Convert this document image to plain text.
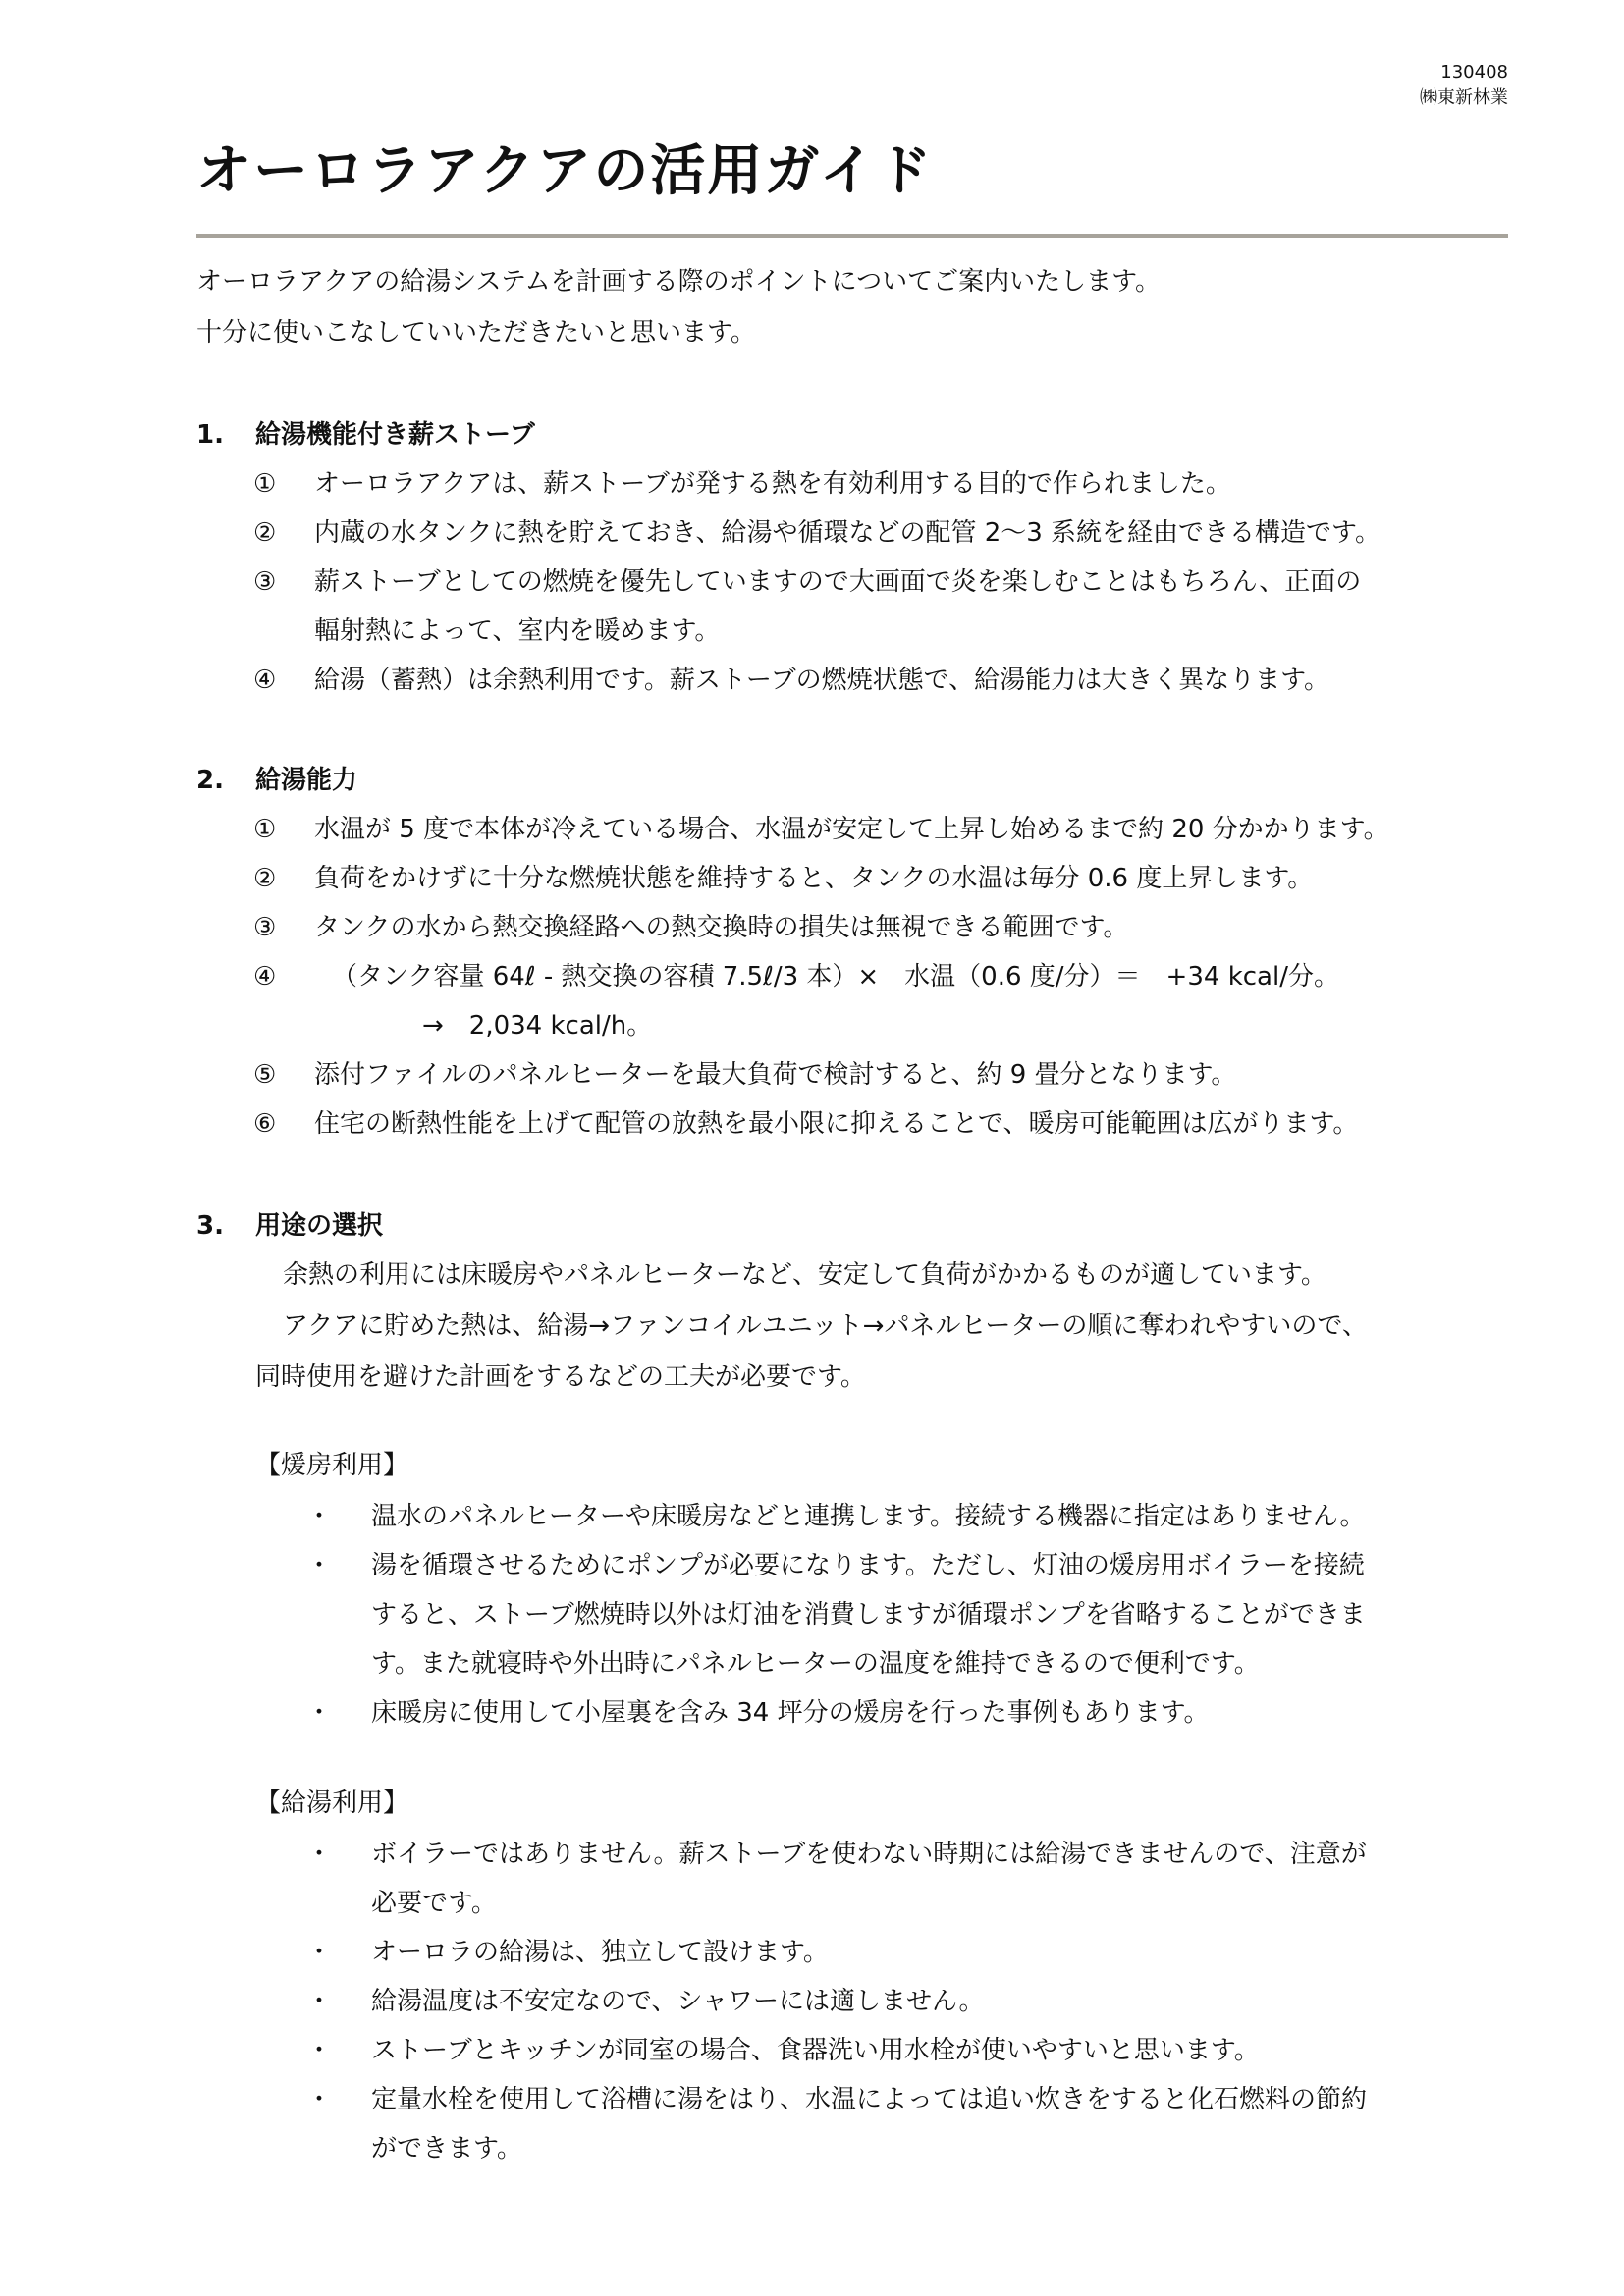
130408
㈱東新林業
オーロラアクアの活用ガイド
オーロラアクアの給湯システムを計画する際のポイントについてご案内いたします。
十分に使いこなしていいただきたいと思います。
1. 給湯機能付き薪ストーブ
① オーロラアクアは、薪ストーブが発する熱を有効利用する目的で作られました。
② 内蔵の水タンクに熱を貯えておき、給湯や循環などの配管 2～3 系統を経由できる構造です。
③ 薪ストーブとしての燃焼を優先していますので大画面で炎を楽しむことはもちろん、正面の
輻射熱によって、室内を暖めます。
④ 給湯（蓄熱）は余熱利用です。薪ストーブの燃焼状態で、給湯能力は大きく異なります。
2. 給湯能力
① 水温が 5 度で本体が冷えている場合、水温が安定して上昇し始めるまで約 20 分かかります。
② 負荷をかけずに十分な燃焼状態を維持すると、タンクの水温は毎分 0.6 度上昇します。
③ タンクの水から熱交換経路への熱交換時の損失は無視できる範囲です。
④ （タンク容量 64ℓ - 熱交換の容積 7.5ℓ/3 本）×　水温（0.6 度/分）＝　+34 kcal/分。
→　2,034 kcal/h。
⑤ 添付ファイルのパネルヒーターを最大負荷で検討すると、約 9 畳分となります。
⑥ 住宅の断熱性能を上げて配管の放熱を最小限に抑えることで、暖房可能範囲は広がります。
3. 用途の選択
余熱の利用には床暖房やパネルヒーターなど、安定して負荷がかかるものが適しています。
アクアに貯めた熱は、給湯→ファンコイルユニット→パネルヒーターの順に奪われやすいので、
同時使用を避けた計画をするなどの工夫が必要です。
【煖房利用】
・ 温水のパネルヒーターや床暖房などと連携します。接続する機器に指定はありません。
・ 湯を循環させるためにポンプが必要になります。ただし、灯油の煖房用ボイラーを接続
すると、ストーブ燃焼時以外は灯油を消費しますが循環ポンプを省略することができま
す。また就寝時や外出時にパネルヒーターの温度を維持できるので便利です。
・ 床暖房に使用して小屋裏を含み 34 坪分の煖房を行った事例もあります。
【給湯利用】
・ ボイラーではありません。薪ストーブを使わない時期には給湯できませんので、注意が
必要です。
・ オーロラの給湯は、独立して設けます。
・ 給湯温度は不安定なので、シャワーには適しません。
・ ストーブとキッチンが同室の場合、食器洗い用水栓が使いやすいと思います。
・ 定量水栓を使用して浴槽に湯をはり、水温によっては追い炊きをすると化石燃料の節約
ができます。
